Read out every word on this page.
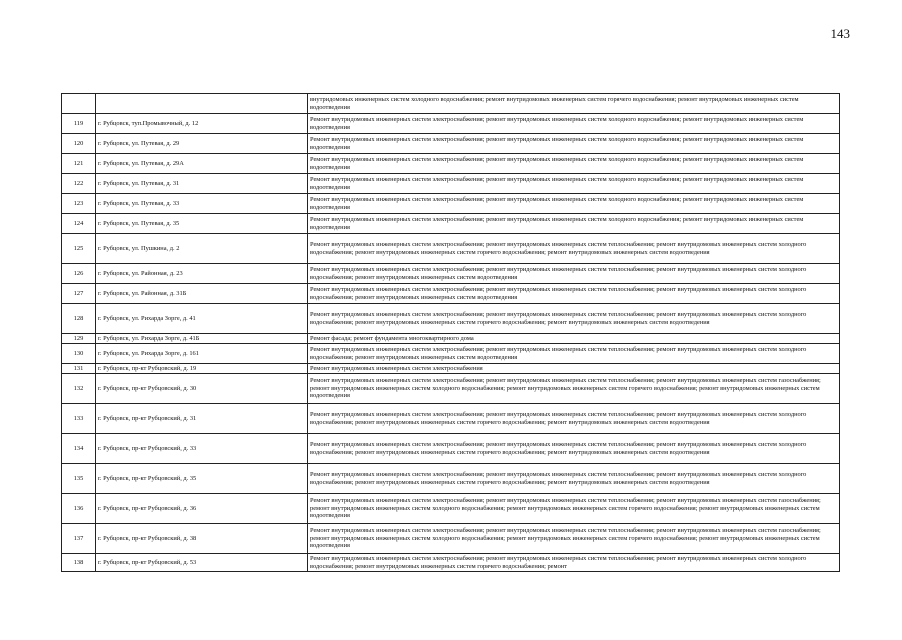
143
		внутридомовых инженерных систем холодного водоснабжения; ремонт внутридомовых инженерных систем горячего водоснабжения; ремонт внутридомовых инженерных систем водоотведения
119	г. Рубцовск, туп.Промывочный, д. 12	Ремонт внутридомовых инженерных систем электроснабжения; ремонт внутридомовых инженерных систем холодного водоснабжения; ремонт внутридомовых инженерных систем водоотведения
120	г. Рубцовск, ул. Путевая, д. 29	Ремонт внутридомовых инженерных систем электроснабжения; ремонт внутридомовых инженерных систем холодного водоснабжения; ремонт внутридомовых инженерных систем водоотведения
121	г. Рубцовск, ул. Путевая, д. 29А	Ремонт внутридомовых инженерных систем электроснабжения; ремонт внутридомовых инженерных систем холодного водоснабжения; ремонт внутридомовых инженерных систем водоотведения
122	г. Рубцовск, ул. Путевая, д. 31	Ремонт внутридомовых инженерных систем электроснабжения; ремонт внутридомовых инженерных систем холодного водоснабжения; ремонт внутридомовых инженерных систем водоотведения
123	г. Рубцовск, ул. Путевая, д. 33	Ремонт внутридомовых инженерных систем электроснабжения; ремонт внутридомовых инженерных систем холодного водоснабжения; ремонт внутридомовых инженерных систем водоотведения
124	г. Рубцовск, ул. Путевая, д. 35	Ремонт внутридомовых инженерных систем электроснабжения; ремонт внутридомовых инженерных систем холодного водоснабжения; ремонт внутридомовых инженерных систем водоотведения
125	г. Рубцовск, ул. Пушкина, д. 2	Ремонт внутридомовых инженерных систем электроснабжения; ремонт внутридомовых инженерных систем теплоснабжения; ремонт внутридомовых инженерных систем холодного водоснабжения; ремонт внутридомовых инженерных систем горячего водоснабжения; ремонт внутридомовых инженерных систем водоотведения
126	г. Рубцовск, ул. Районная, д. 23	Ремонт внутридомовых инженерных систем электроснабжения; ремонт внутридомовых инженерных систем теплоснабжения; ремонт внутридомовых инженерных систем холодного водоснабжения; ремонт внутридомовых инженерных систем водоотведения
127	г. Рубцовск, ул. Районная, д. 31Б	Ремонт внутридомовых инженерных систем электроснабжения; ремонт внутридомовых инженерных систем теплоснабжения; ремонт внутридомовых инженерных систем холодного водоснабжения; ремонт внутридомовых инженерных систем водоотведения
128	г. Рубцовск, ул. Рихарда Зорге, д. 41	Ремонт внутридомовых инженерных систем электроснабжения; ремонт внутридомовых инженерных систем теплоснабжения; ремонт внутридомовых инженерных систем холодного водоснабжения; ремонт внутридомовых инженерных систем горячего водоснабжения; ремонт внутридомовых инженерных систем водоотведения
129	г. Рубцовск, ул. Рихарда Зорге, д. 41Б	Ремонт фасада; ремонт фундамента многоквартирного дома
130	г. Рубцовск, ул. Рихарда Зорге, д. 161	Ремонт внутридомовых инженерных систем электроснабжения; ремонт внутридомовых инженерных систем теплоснабжения; ремонт внутридомовых инженерных систем холодного водоснабжения; ремонт внутридомовых инженерных систем водоотведения
131	г. Рубцовск, пр-кт Рубцовский, д. 19	Ремонт внутридомовых инженерных систем электроснабжения
132	г. Рубцовск, пр-кт Рубцовский, д. 30	Ремонт внутридомовых инженерных систем электроснабжения; ремонт внутридомовых инженерных систем теплоснабжения; ремонт внутридомовых инженерных систем газоснабжения; ремонт внутридомовых инженерных систем холодного водоснабжения; ремонт внутридомовых инженерных систем горячего водоснабжения; ремонт внутридомовых инженерных систем водоотведения
133	г. Рубцовск, пр-кт Рубцовский, д. 31	Ремонт внутридомовых инженерных систем электроснабжения; ремонт внутридомовых инженерных систем теплоснабжения; ремонт внутридомовых инженерных систем холодного водоснабжения; ремонт внутридомовых инженерных систем горячего водоснабжения; ремонт внутридомовых инженерных систем водоотведения
134	г. Рубцовск, пр-кт Рубцовский, д. 33	Ремонт внутридомовых инженерных систем электроснабжения; ремонт внутридомовых инженерных систем теплоснабжения; ремонт внутридомовых инженерных систем холодного водоснабжения; ремонт внутридомовых инженерных систем горячего водоснабжения; ремонт внутридомовых инженерных систем водоотведения
135	г. Рубцовск, пр-кт Рубцовский, д. 35	Ремонт внутридомовых инженерных систем электроснабжения; ремонт внутридомовых инженерных систем теплоснабжения; ремонт внутридомовых инженерных систем холодного водоснабжения; ремонт внутридомовых инженерных систем горячего водоснабжения; ремонт внутридомовых инженерных систем водоотведения
136	г. Рубцовск, пр-кт Рубцовский, д. 36	Ремонт внутридомовых инженерных систем электроснабжения; ремонт внутридомовых инженерных систем теплоснабжения; ремонт внутридомовых инженерных систем газоснабжения; ремонт внутридомовых инженерных систем холодного водоснабжения; ремонт внутридомовых инженерных систем горячего водоснабжения; ремонт внутридомовых инженерных систем водоотведения
137	г. Рубцовск, пр-кт Рубцовский, д. 38	Ремонт внутридомовых инженерных систем электроснабжения; ремонт внутридомовых инженерных систем теплоснабжения; ремонт внутридомовых инженерных систем газоснабжения; ремонт внутридомовых инженерных систем холодного водоснабжения; ремонт внутридомовых инженерных систем горячего водоснабжения; ремонт внутридомовых инженерных систем водоотведения
138	г. Рубцовск, пр-кт Рубцовский, д. 53	Ремонт внутридомовых инженерных систем электроснабжения; ремонт внутридомовых инженерных систем теплоснабжения; ремонт внутридомовых инженерных систем холодного водоснабжения; ремонт внутридомовых инженерных систем горячего водоснабжения; ремонт
